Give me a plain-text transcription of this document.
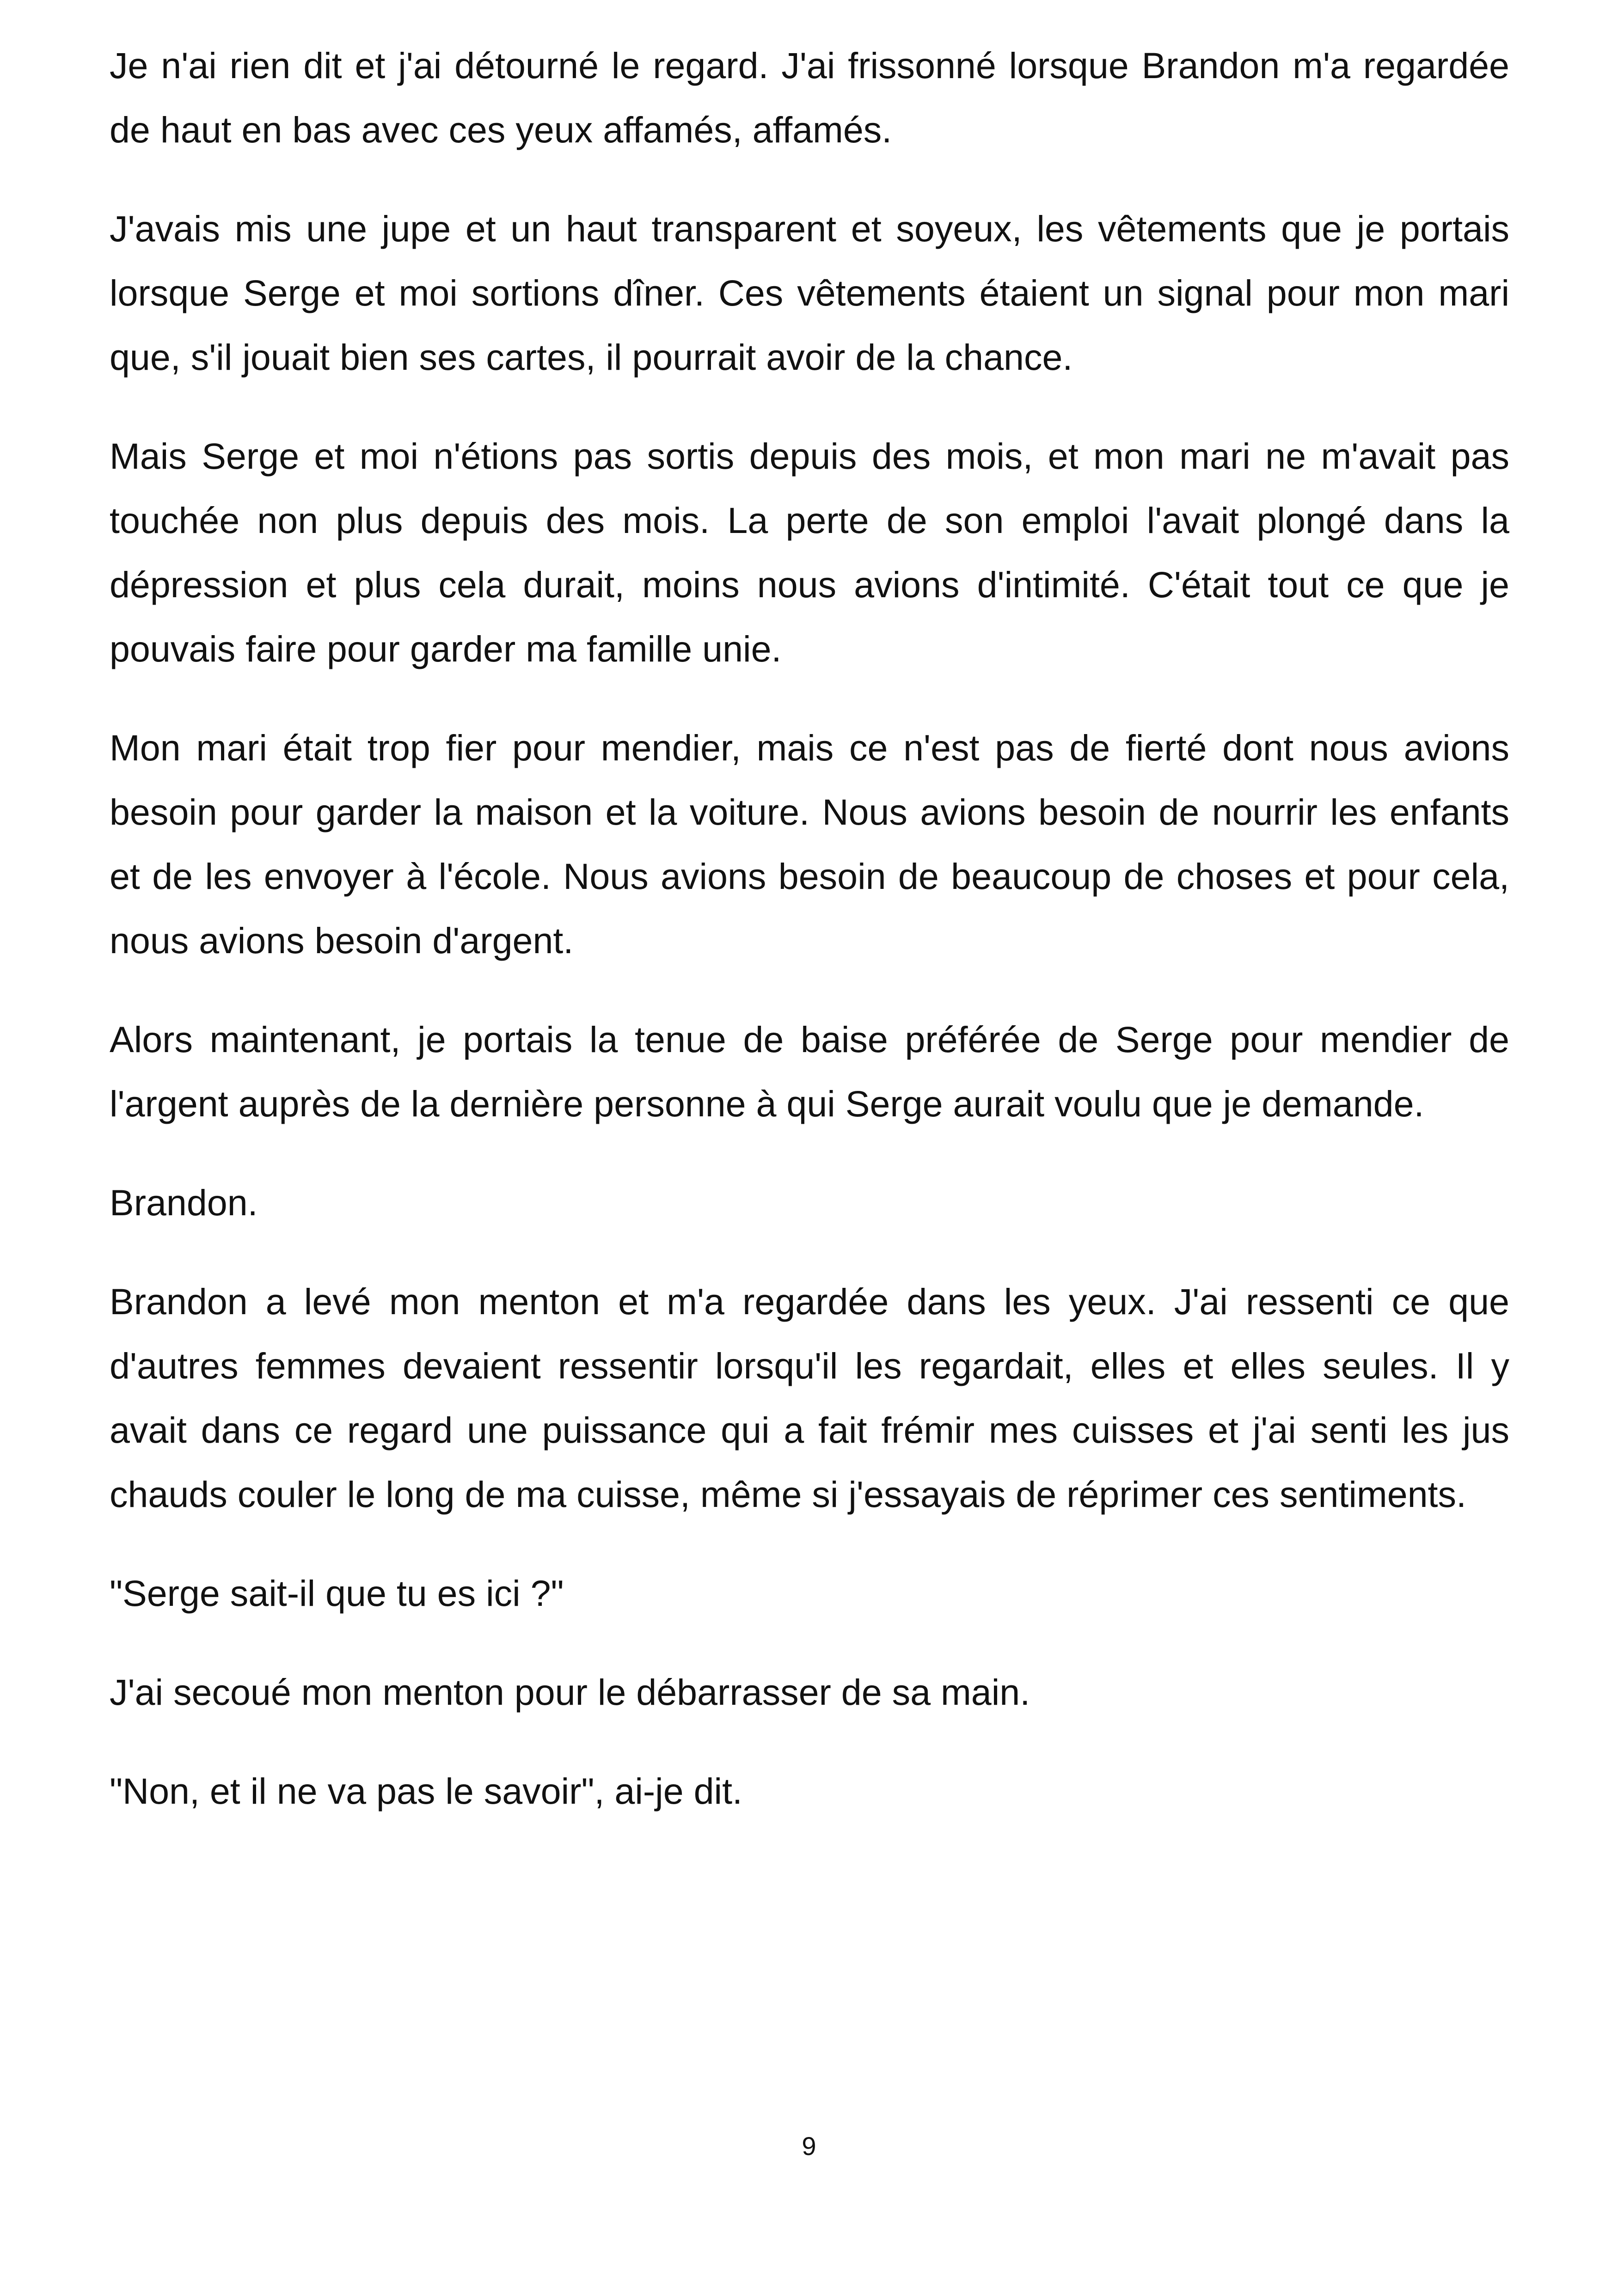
Je n'ai rien dit et j'ai détourné le regard. J'ai frissonné lorsque Brandon m'a regardée de haut en bas avec ces yeux affamés, affamés.

J'avais mis une jupe et un haut transparent et soyeux, les vêtements que je portais lorsque Serge et moi sortions dîner. Ces vêtements étaient un signal pour mon mari que, s'il jouait bien ses cartes, il pourrait avoir de la chance.

Mais Serge et moi n'étions pas sortis depuis des mois, et mon mari ne m'avait pas touchée non plus depuis des mois. La perte de son emploi l'avait plongé dans la dépression et plus cela durait, moins nous avions d'intimité. C'était tout ce que je pouvais faire pour garder ma famille unie.

Mon mari était trop fier pour mendier, mais ce n'est pas de fierté dont nous avions besoin pour garder la maison et la voiture. Nous avions besoin de nourrir les enfants et de les envoyer à l'école. Nous avions besoin de beaucoup de choses et pour cela, nous avions besoin d'argent.

Alors maintenant, je portais la tenue de baise préférée de Serge pour mendier de l'argent auprès de la dernière personne à qui Serge aurait voulu que je demande.

Brandon.

Brandon a levé mon menton et m'a regardée dans les yeux. J'ai ressenti ce que d'autres femmes devaient ressentir lorsqu'il les regardait, elles et elles seules. Il y avait dans ce regard une puissance qui a fait frémir mes cuisses et j'ai senti les jus chauds couler le long de ma cuisse, même si j'essayais de réprimer ces sentiments.

"Serge sait-il que tu es ici ?"

J'ai secoué mon menton pour le débarrasser de sa main.

"Non, et il ne va pas le savoir", ai-je dit.

9
